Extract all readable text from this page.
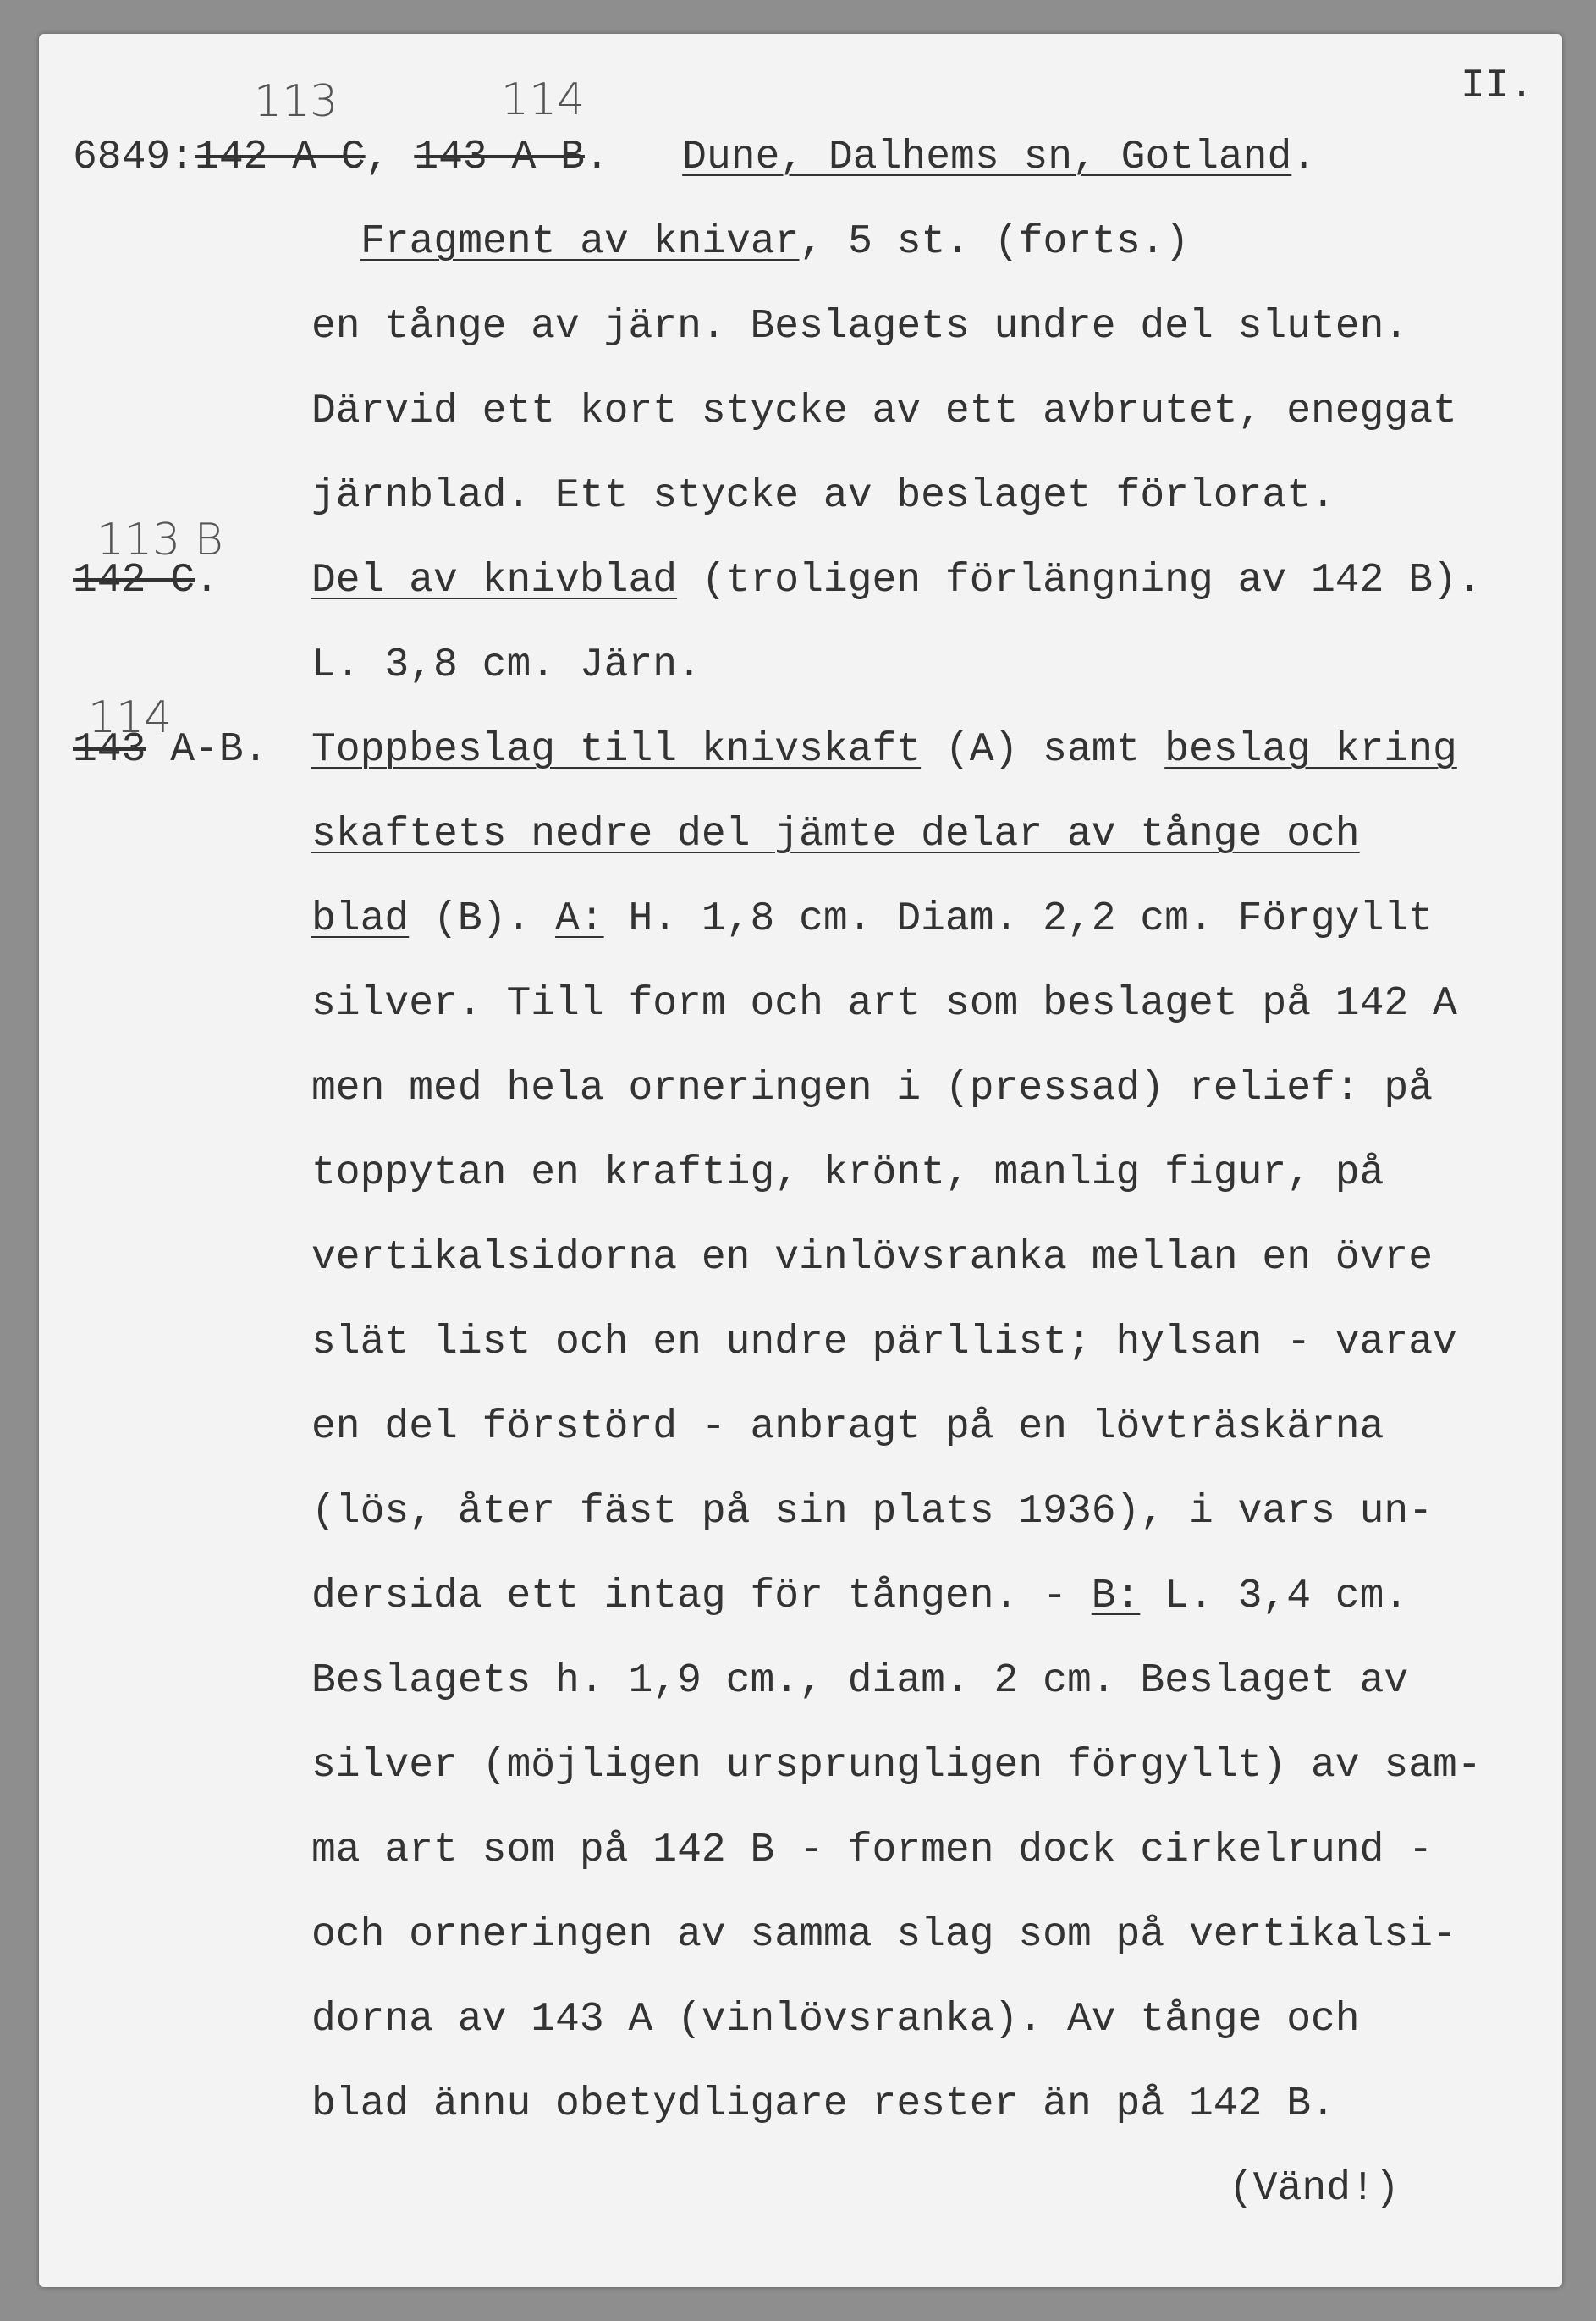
II.
113	114
6849:142 A-C, 143 A-B. Dune, Dalhems sn, Gotland.
Fragment av knivar, 5 st. (forts.)
en tånge av järn. Beslagets undre del sluten.
Därvid ett kort stycke av ett avbrutet, eneggat
järnblad. Ett stycke av beslaget förlorat.
113 B
142 C. Del av knivblad (troligen förlängning av 142 B).
L. 3,8 cm. Järn.
114
143 A-B. Toppbeslag till knivskaft (A) samt beslag kring
skaftets nedre del jämte delar av tånge och
blad (B). A: H. 1,8 cm. Diam. 2,2 cm. Förgyllt
silver. Till form och art som beslaget på 142 A
men med hela orneringen i (pressad) relief: på
toppytan en kraftig, krönt, manlig figur, på
vertikalsidorna en vinlövsranka mellan en övre
slät list och en undre pärllist; hylsan - varav
en del förstörd - anbragt på en lövträskärna
(lös, åter fäst på sin plats 1936), i vars un-
dersida ett intag för tången. - B: L. 3,4 cm.
Beslagets h. 1,9 cm., diam. 2 cm. Beslaget av
silver (möjligen ursprungligen förgyllt) av sam-
ma art som på 142 B - formen dock cirkelrund -
och orneringen av samma slag som på vertikalsi-
dorna av 143 A (vinlövsranka). Av tånge och
blad ännu obetydligare rester än på 142 B.
(Vänd!)
